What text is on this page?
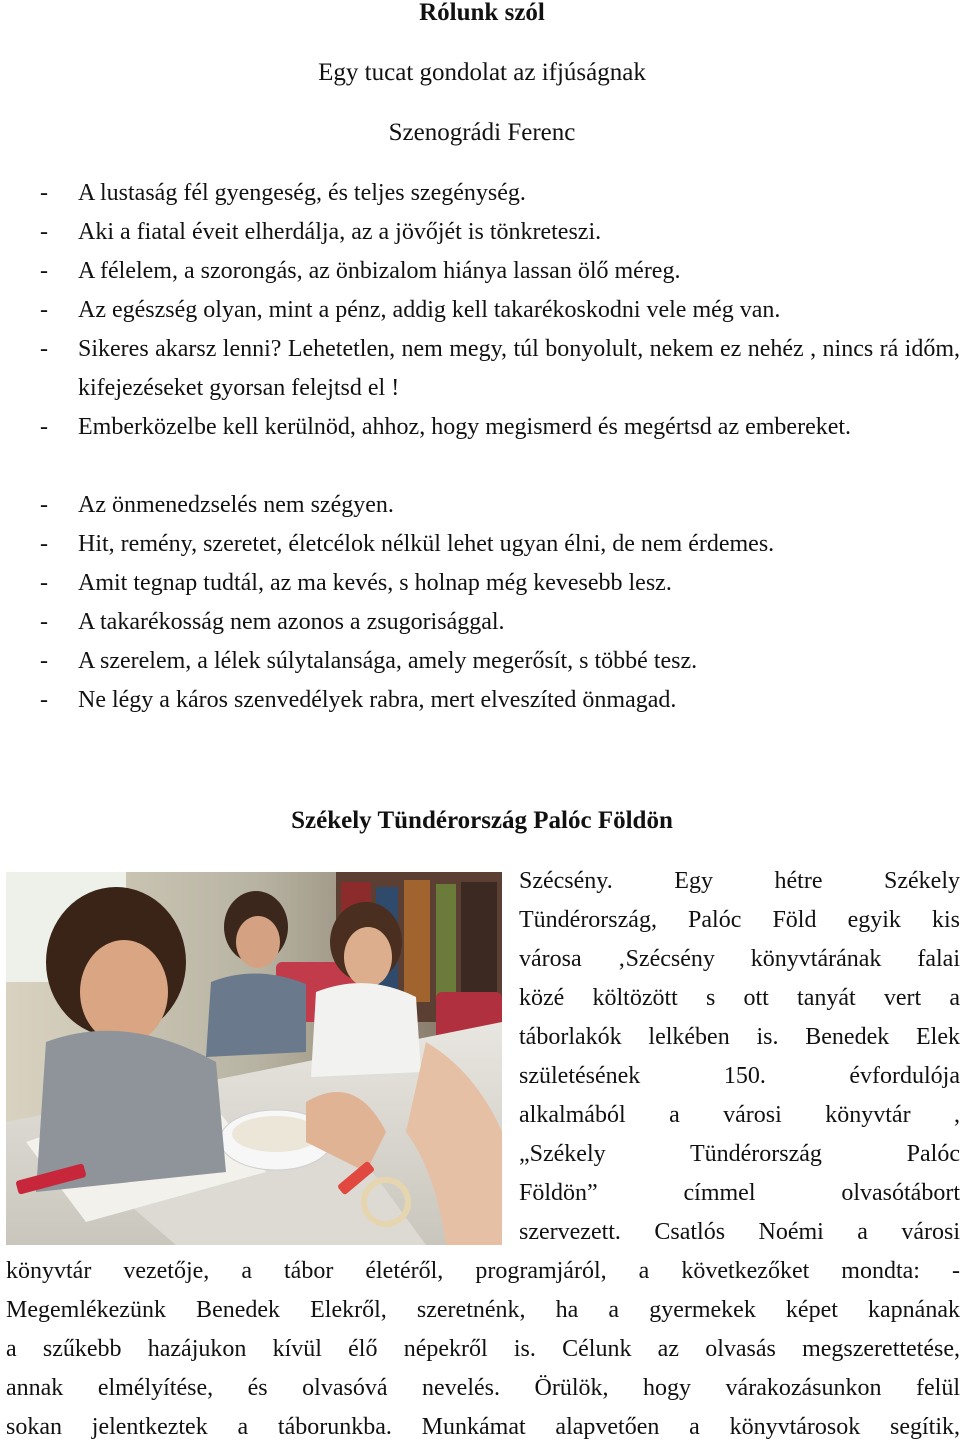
Rólunk szól
Egy tucat gondolat az ifjúságnak
Szenográdi Ferenc
- A lustaság fél gyengeség, és teljes szegénység.
- Aki a fiatal éveit elherdálja, az a jövőjét is tönkreteszi.
- A félelem, a szorongás, az önbizalom hiánya lassan ölő méreg.
- Az egészség olyan, mint a pénz, addig kell takarékoskodni vele még van.
- Sikeres akarsz lenni? Lehetetlen, nem megy, túl bonyolult, nekem ez nehéz , nincs rá időm, kifejezéseket gyorsan felejtsd el !
- Emberközelbe kell kerülnöd, ahhoz, hogy megismerd és megértsd az embereket.
- Az önmenedzselés nem szégyen.
- Hit, remény, szeretet, életcélok nélkül lehet ugyan élni, de nem érdemes.
- Amit tegnap tudtál, az ma kevés, s holnap még kevesebb lesz.
- A takarékosság nem azonos a zsugorisággal.
- A szerelem, a lélek súlytalansága, amely megerősít, s többé tesz.
- Ne légy a káros szenvedélyek rabra, mert elveszíted önmagad.
Székely Tündérország Palóc Földön
Szécsény. Egy hétre Székely
Tündérország, Palóc Föld egyik kis
városa ‚Szécsény könyvtárának falai
közé költözött s ott tanyát vert a
táborlakók lelkében is. Benedek Elek
születésének 150. évfordulója
alkalmából a városi könyvtár ,
„Székely Tündérország Palóc
Földön” címmel olvasótábort
szervezett. Csatlós Noémi a városi
könyvtár vezetője, a tábor életéről, programjáról, a következőket mondta: -
Megemlékezünk Benedek Elekről, szeretnénk, ha a gyermekek képet kapnának
a szűkebb hazájukon kívül élő népekről is. Célunk az olvasás megszerettetése,
annak elmélyítése, és olvasóvá nevelés. Örülök, hogy várakozásunkon felül
sokan jelentkeztek a táborunkba. Munkámat alapvetően a könyvtárosok segítik,
